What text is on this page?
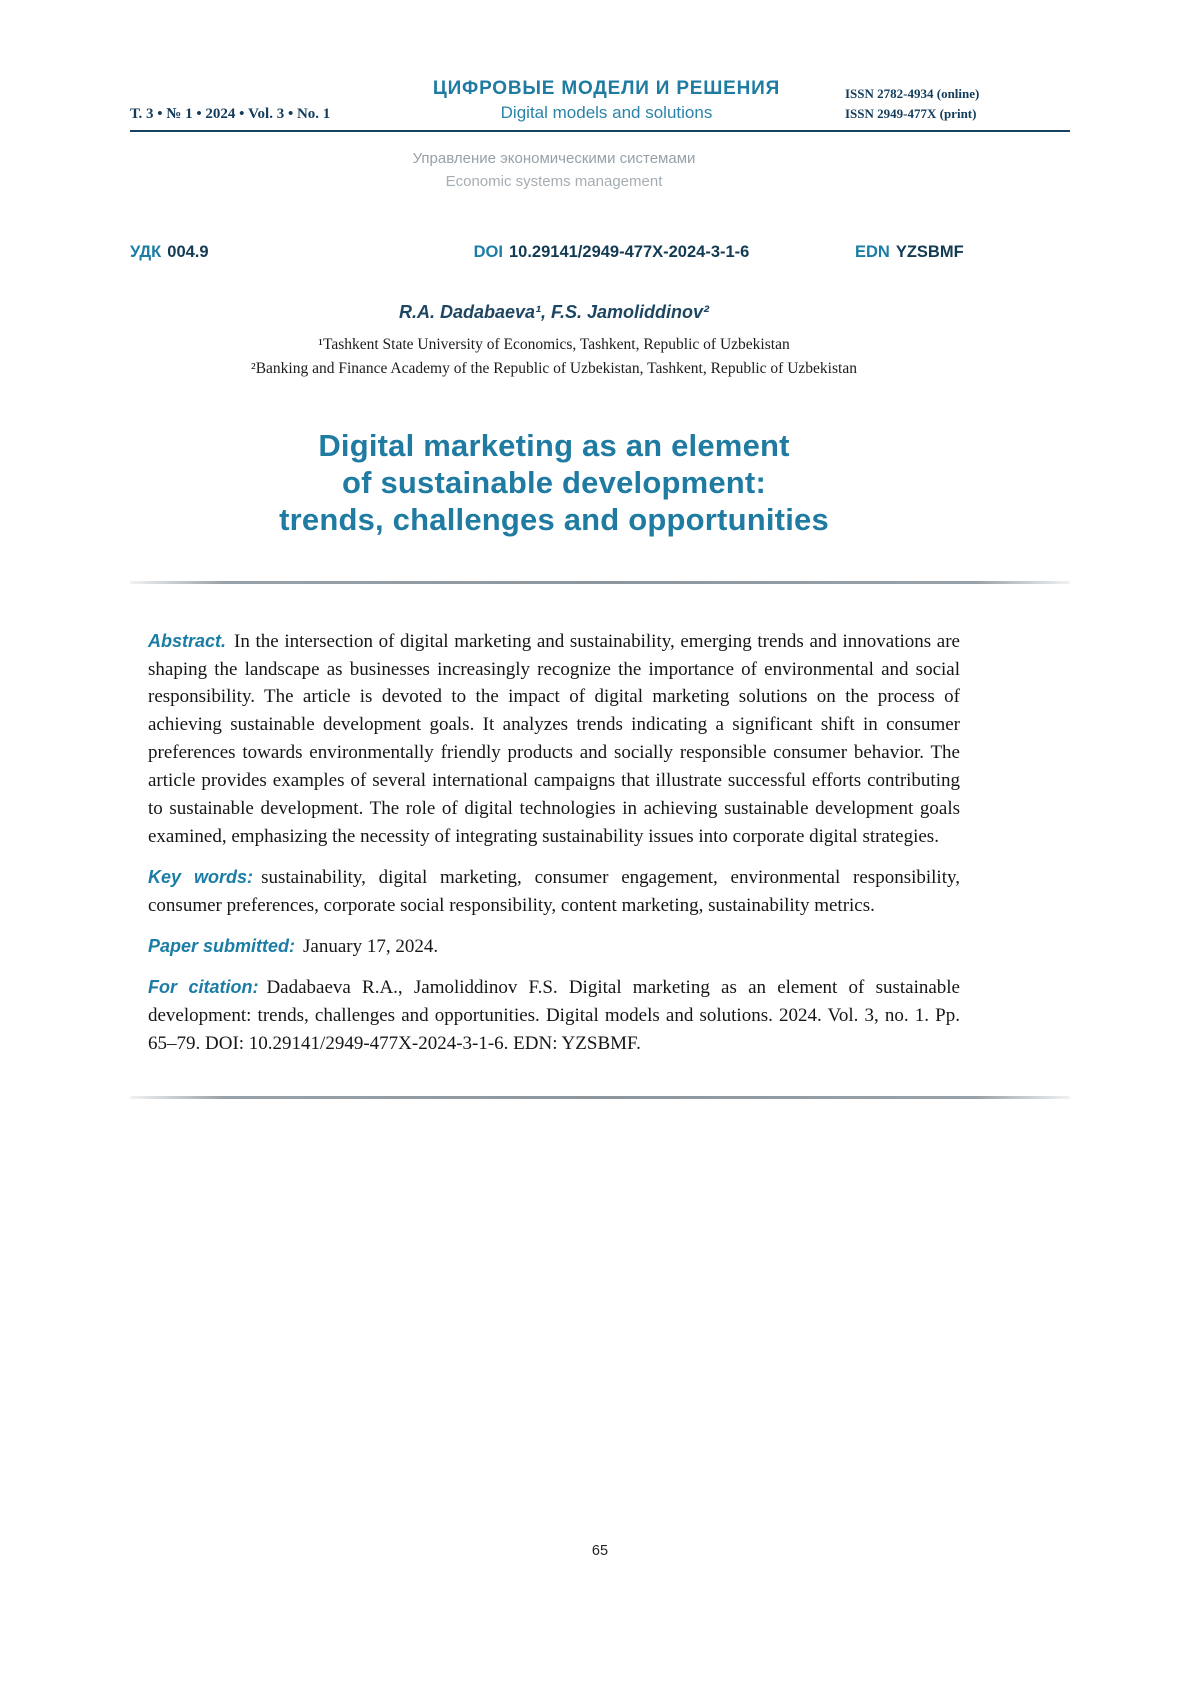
Т. 3 • № 1 • 2024 • Vol. 3 • No. 1
ЦИФРОВЫЕ МОДЕЛИ И РЕШЕНИЯ
Digital models and solutions
ISSN 2782-4934 (online)
ISSN 2949-477X (print)
Управление экономическими системами
Economic systems management
УДК 004.9	DOI 10.29141/2949-477X-2024-3-1-6	EDN YZSBMF
R.A. Dadabaeva¹, F.S. Jamoliddinov²
¹Tashkent State University of Economics, Tashkent, Republic of Uzbekistan
²Banking and Finance Academy of the Republic of Uzbekistan, Tashkent, Republic of Uzbekistan
Digital marketing as an element
of sustainable development:
trends, challenges and opportunities

Abstract. In the intersection of digital marketing and sustainability, emerging trends and innovations are shaping the landscape as businesses increasingly recognize the importance of environmental and social responsibility. The article is devoted to the impact of digital marketing solutions on the process of achieving sustainable development goals. It analyzes trends indicating a significant shift in consumer preferences towards environmentally friendly products and socially responsible consumer behavior. The article provides examples of several international campaigns that illustrate successful efforts contributing to sustainable development. The role of digital technologies in achieving sustainable development goals examined, emphasizing the necessity of integrating sustainability issues into corporate digital strategies.

Key words: sustainability, digital marketing, consumer engagement, environmental responsibility, consumer preferences, corporate social responsibility, content marketing, sustainability metrics.

Paper submitted: January 17, 2024.

For citation: Dadabaeva R.A., Jamoliddinov F.S. Digital marketing as an element of sustainable development: trends, challenges and opportunities. Digital models and solutions. 2024. Vol. 3, no. 1. Pp. 65–79. DOI: 10.29141/2949-477X-2024-3-1-6. EDN: YZSBMF.

65
